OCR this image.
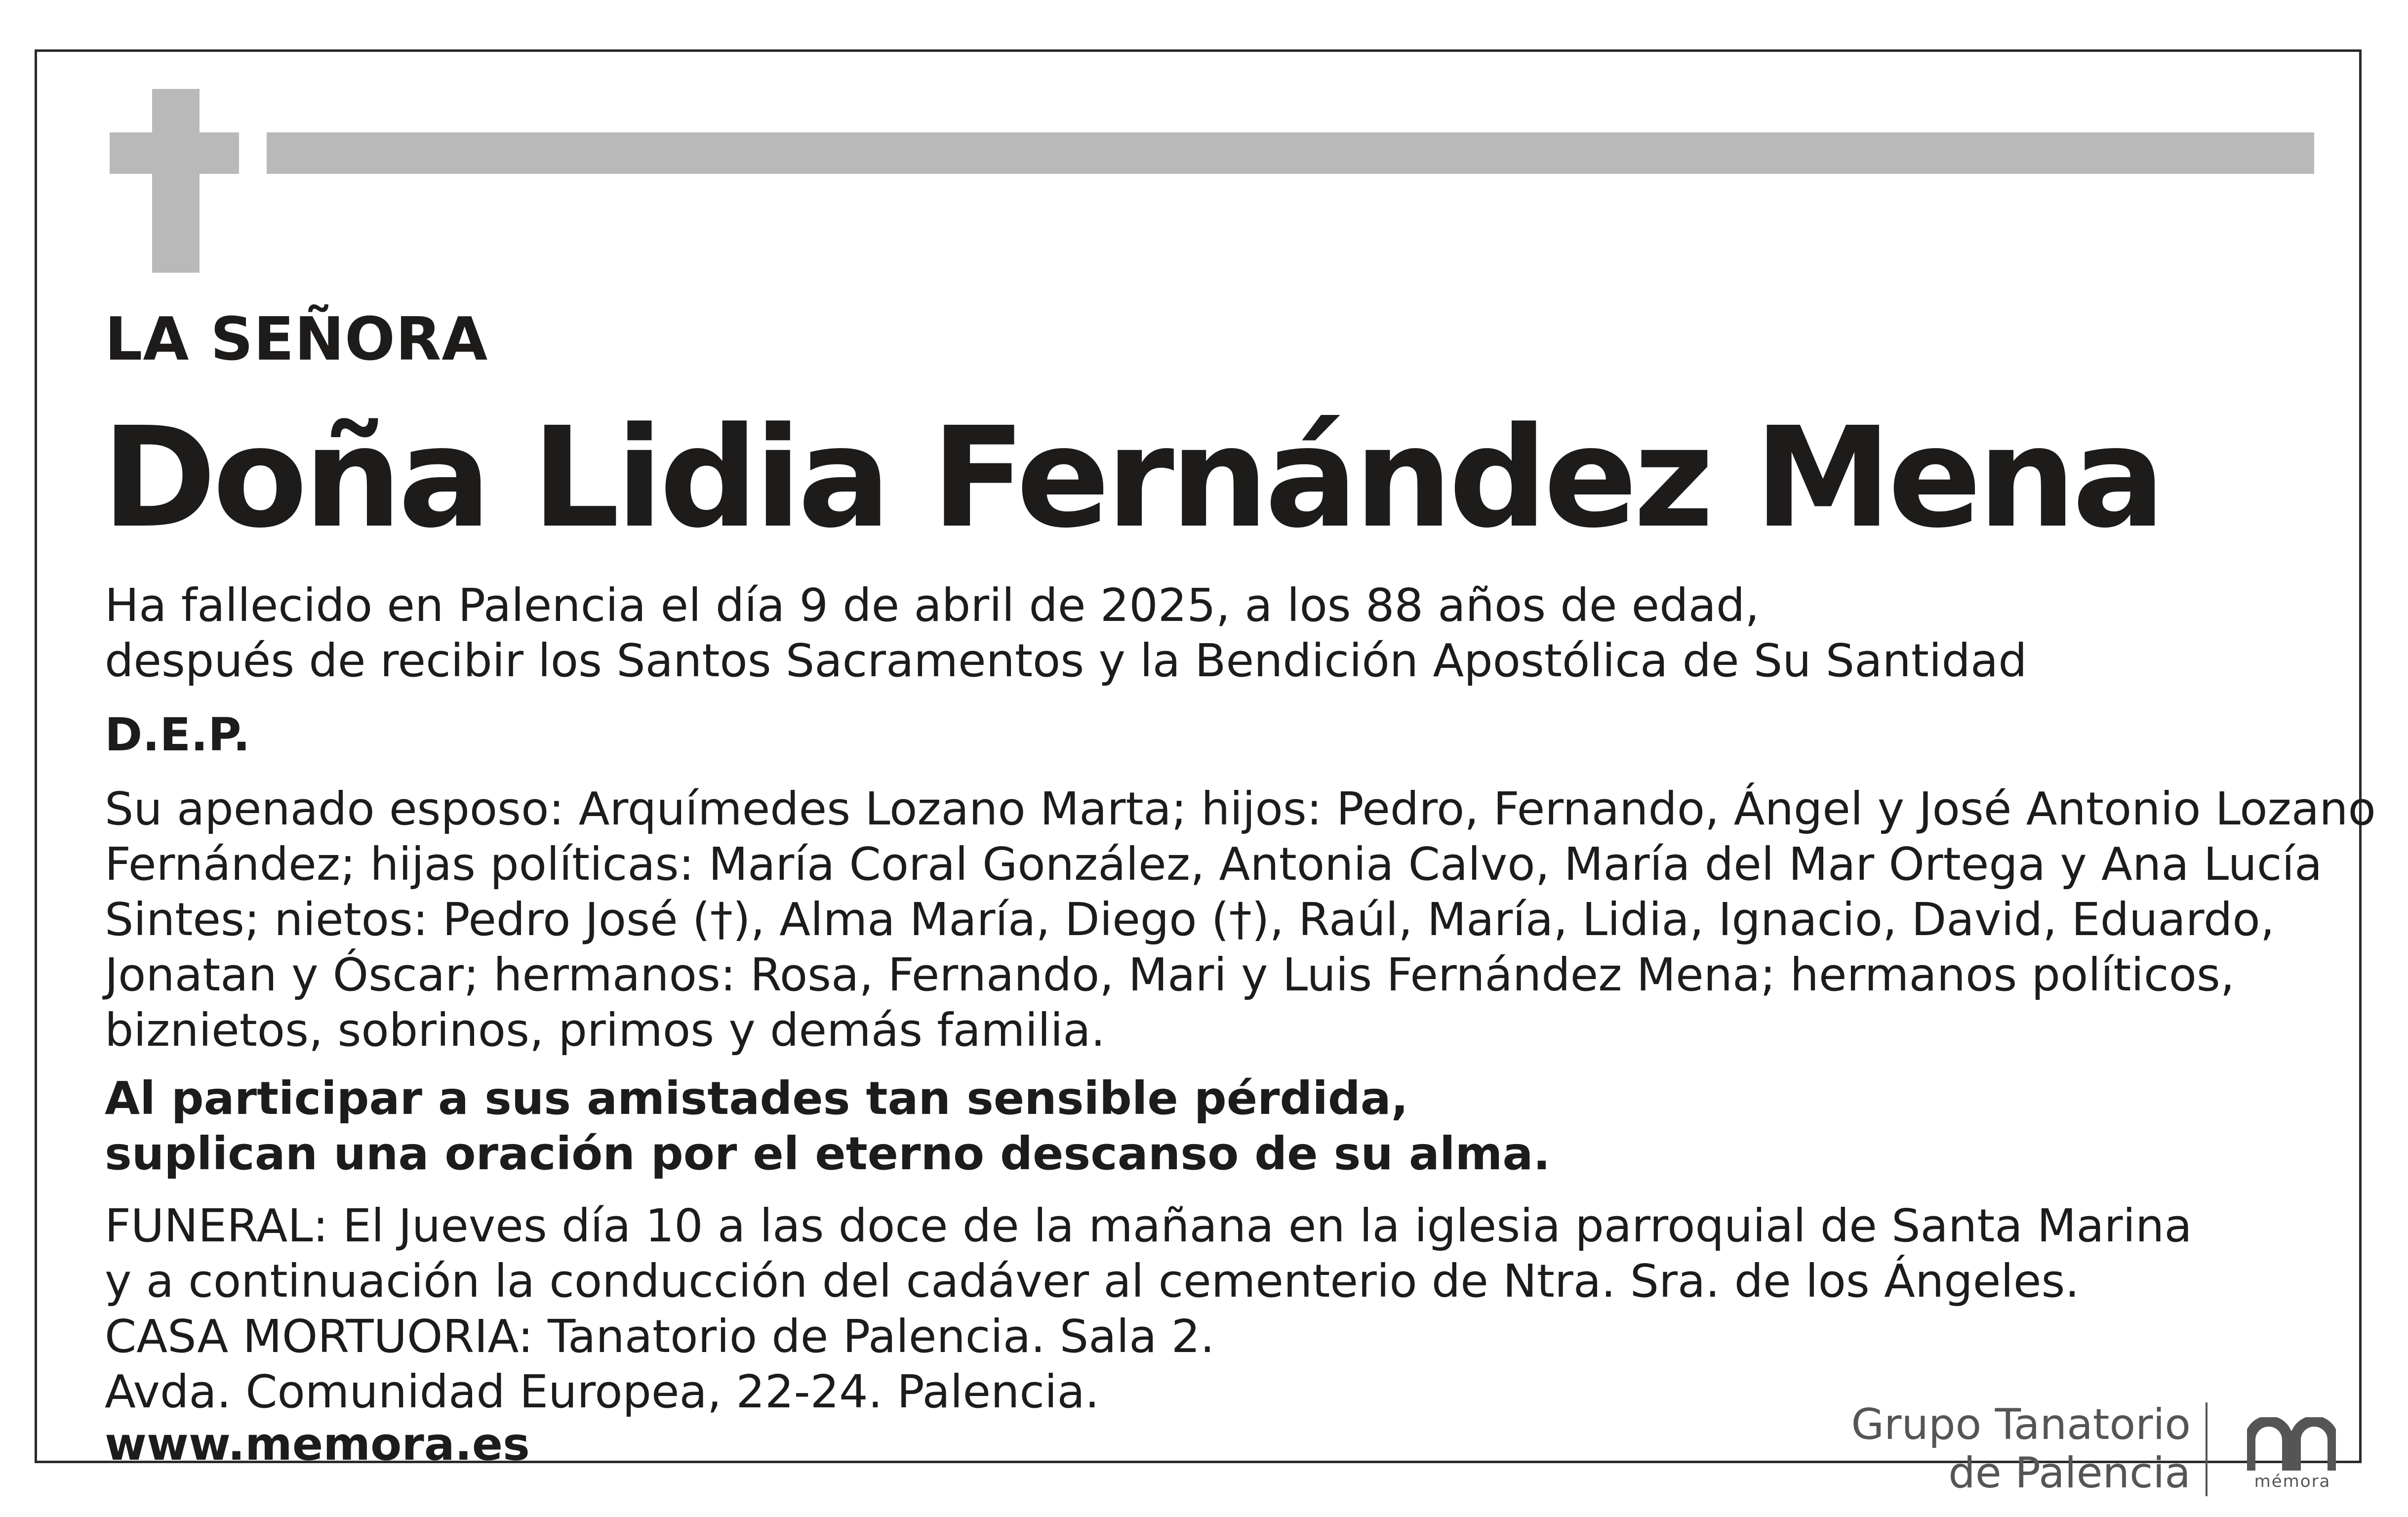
LA SEÑORA
Doña Lidia Fernández Mena
Ha fallecido en Palencia el día 9 de abril de 2025, a los 88 años de edad,
después de recibir los Santos Sacramentos y la Bendición Apostólica de Su Santidad
D.E.P.
Su apenado esposo: Arquímedes Lozano Marta; hijos: Pedro, Fernando, Ángel y José Antonio Lozano
Fernández; hijas políticas: María Coral González, Antonia Calvo, María del Mar Ortega y Ana Lucía
Sintes; nietos: Pedro José (†), Alma María, Diego (†), Raúl, María, Lidia, Ignacio, David, Eduardo,
Jonatan y Óscar; hermanos: Rosa, Fernando, Mari y Luis Fernández Mena; hermanos políticos,
biznietos, sobrinos, primos y demás familia.
Al participar a sus amistades tan sensible pérdida,
suplican una oración por el eterno descanso de su alma.
FUNERAL: El Jueves día 10 a las doce de la mañana en la iglesia parroquial de Santa Marina
y a continuación la conducción del cadáver al cementerio de Ntra. Sra. de los Ángeles.
CASA MORTUORIA: Tanatorio de Palencia. Sala 2.
Avda. Comunidad Europea, 22-24. Palencia.
www.memora.es	Grupo Tanatorio
de Palencia	mémora
